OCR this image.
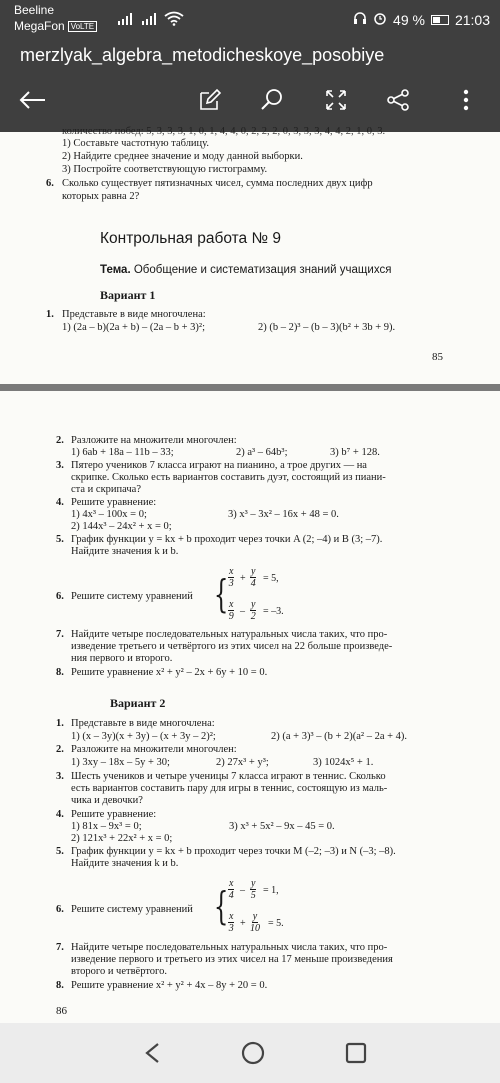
Beeline
MegaFon VoLTE	49 % 21:03
merzlyak_algebra_metodicheskoye_posobiye
количество побед: 5, 3, 3, 3, 1, 0, 1, 4, 4, 0, 2, 2, 2, 0, 3, 3, 3, 4, 4, 2, 1, 0, 3.
1) Составьте частотную таблицу.
2) Найдите среднее значение и моду данной выборки.
3) Постройте соответствующую гистограмму.
6. Сколько существует пятизначных чисел, сумма последних двух цифр
которых равна 2?
Контрольная работа № 9
Тема. Обобщение и систематизация знаний учащихся
Вариант 1
1. Представьте в виде многочлена:
1) (2a – b)(2a + b) – (2a – b + 3)²;	2) (b – 2)³ – (b – 3)(b² + 3b + 9).
85
2. Разложите на множители многочлен:
1) 6ab + 18a – 11b – 33;	2) a³ – 64b³;	3) b⁷ + 128.
3. Пятеро учеников 7 класса играют на пианино, а трое других — на
скрипке. Сколько есть вариантов составить дуэт, состоящий из пиани-
ста и скрипача?
4. Решите уравнение:
1) 4x³ – 100x = 0;	3) x³ – 3x² – 16x + 48 = 0.
2) 144x³ – 24x² + x = 0;
5. График функции y = kx + b проходит через точки A (2; –4) и B (3; –7).
Найдите значения k и b.
6. Решите систему уравнений { $\frac{x}{3} + \frac{y}{4} = 5$,
$\frac{x}{9} - \frac{y}{2} = -3$.
7. Найдите четыре последовательных натуральных числа таких, что про-
изведение третьего и четвёртого из этих чисел на 22 больше произведе-
ния первого и второго.
8. Решите уравнение x² + y² – 2x + 6y + 10 = 0.
Вариант 2
1. Представьте в виде многочлена:
1) (x – 3y)(x + 3y) – (x + 3y – 2)²;	2) (a + 3)³ – (b + 2)(a² – 2a + 4).
2. Разложите на множители многочлен:
1) 3xy – 18x – 5y + 30;	2) 27x³ + y³;	3) 1024x⁵ + 1.
3. Шесть учеников и четыре ученицы 7 класса играют в теннис. Сколько
есть вариантов составить пару для игры в теннис, состоящую из маль-
чика и девочки?
4. Решите уравнение:
1) 81x – 9x³ = 0;	3) x³ + 5x² – 9x – 45 = 0.
2) 121x³ + 22x² + x = 0;
5. График функции y = kx + b проходит через точки M (–2; –3) и N (–3; –8).
Найдите значения k и b.
6. Решите систему уравнений { $\frac{x}{4} - \frac{y}{5} = 1$,
$\frac{x}{3} + \frac{y}{10} = 5$.
7. Найдите четыре последовательных натуральных числа таких, что про-
изведение первого и третьего из этих чисел на 17 меньше произведения
второго и четвёртого.
8. Решите уравнение x² + y² + 4x – 8y + 20 = 0.
86
